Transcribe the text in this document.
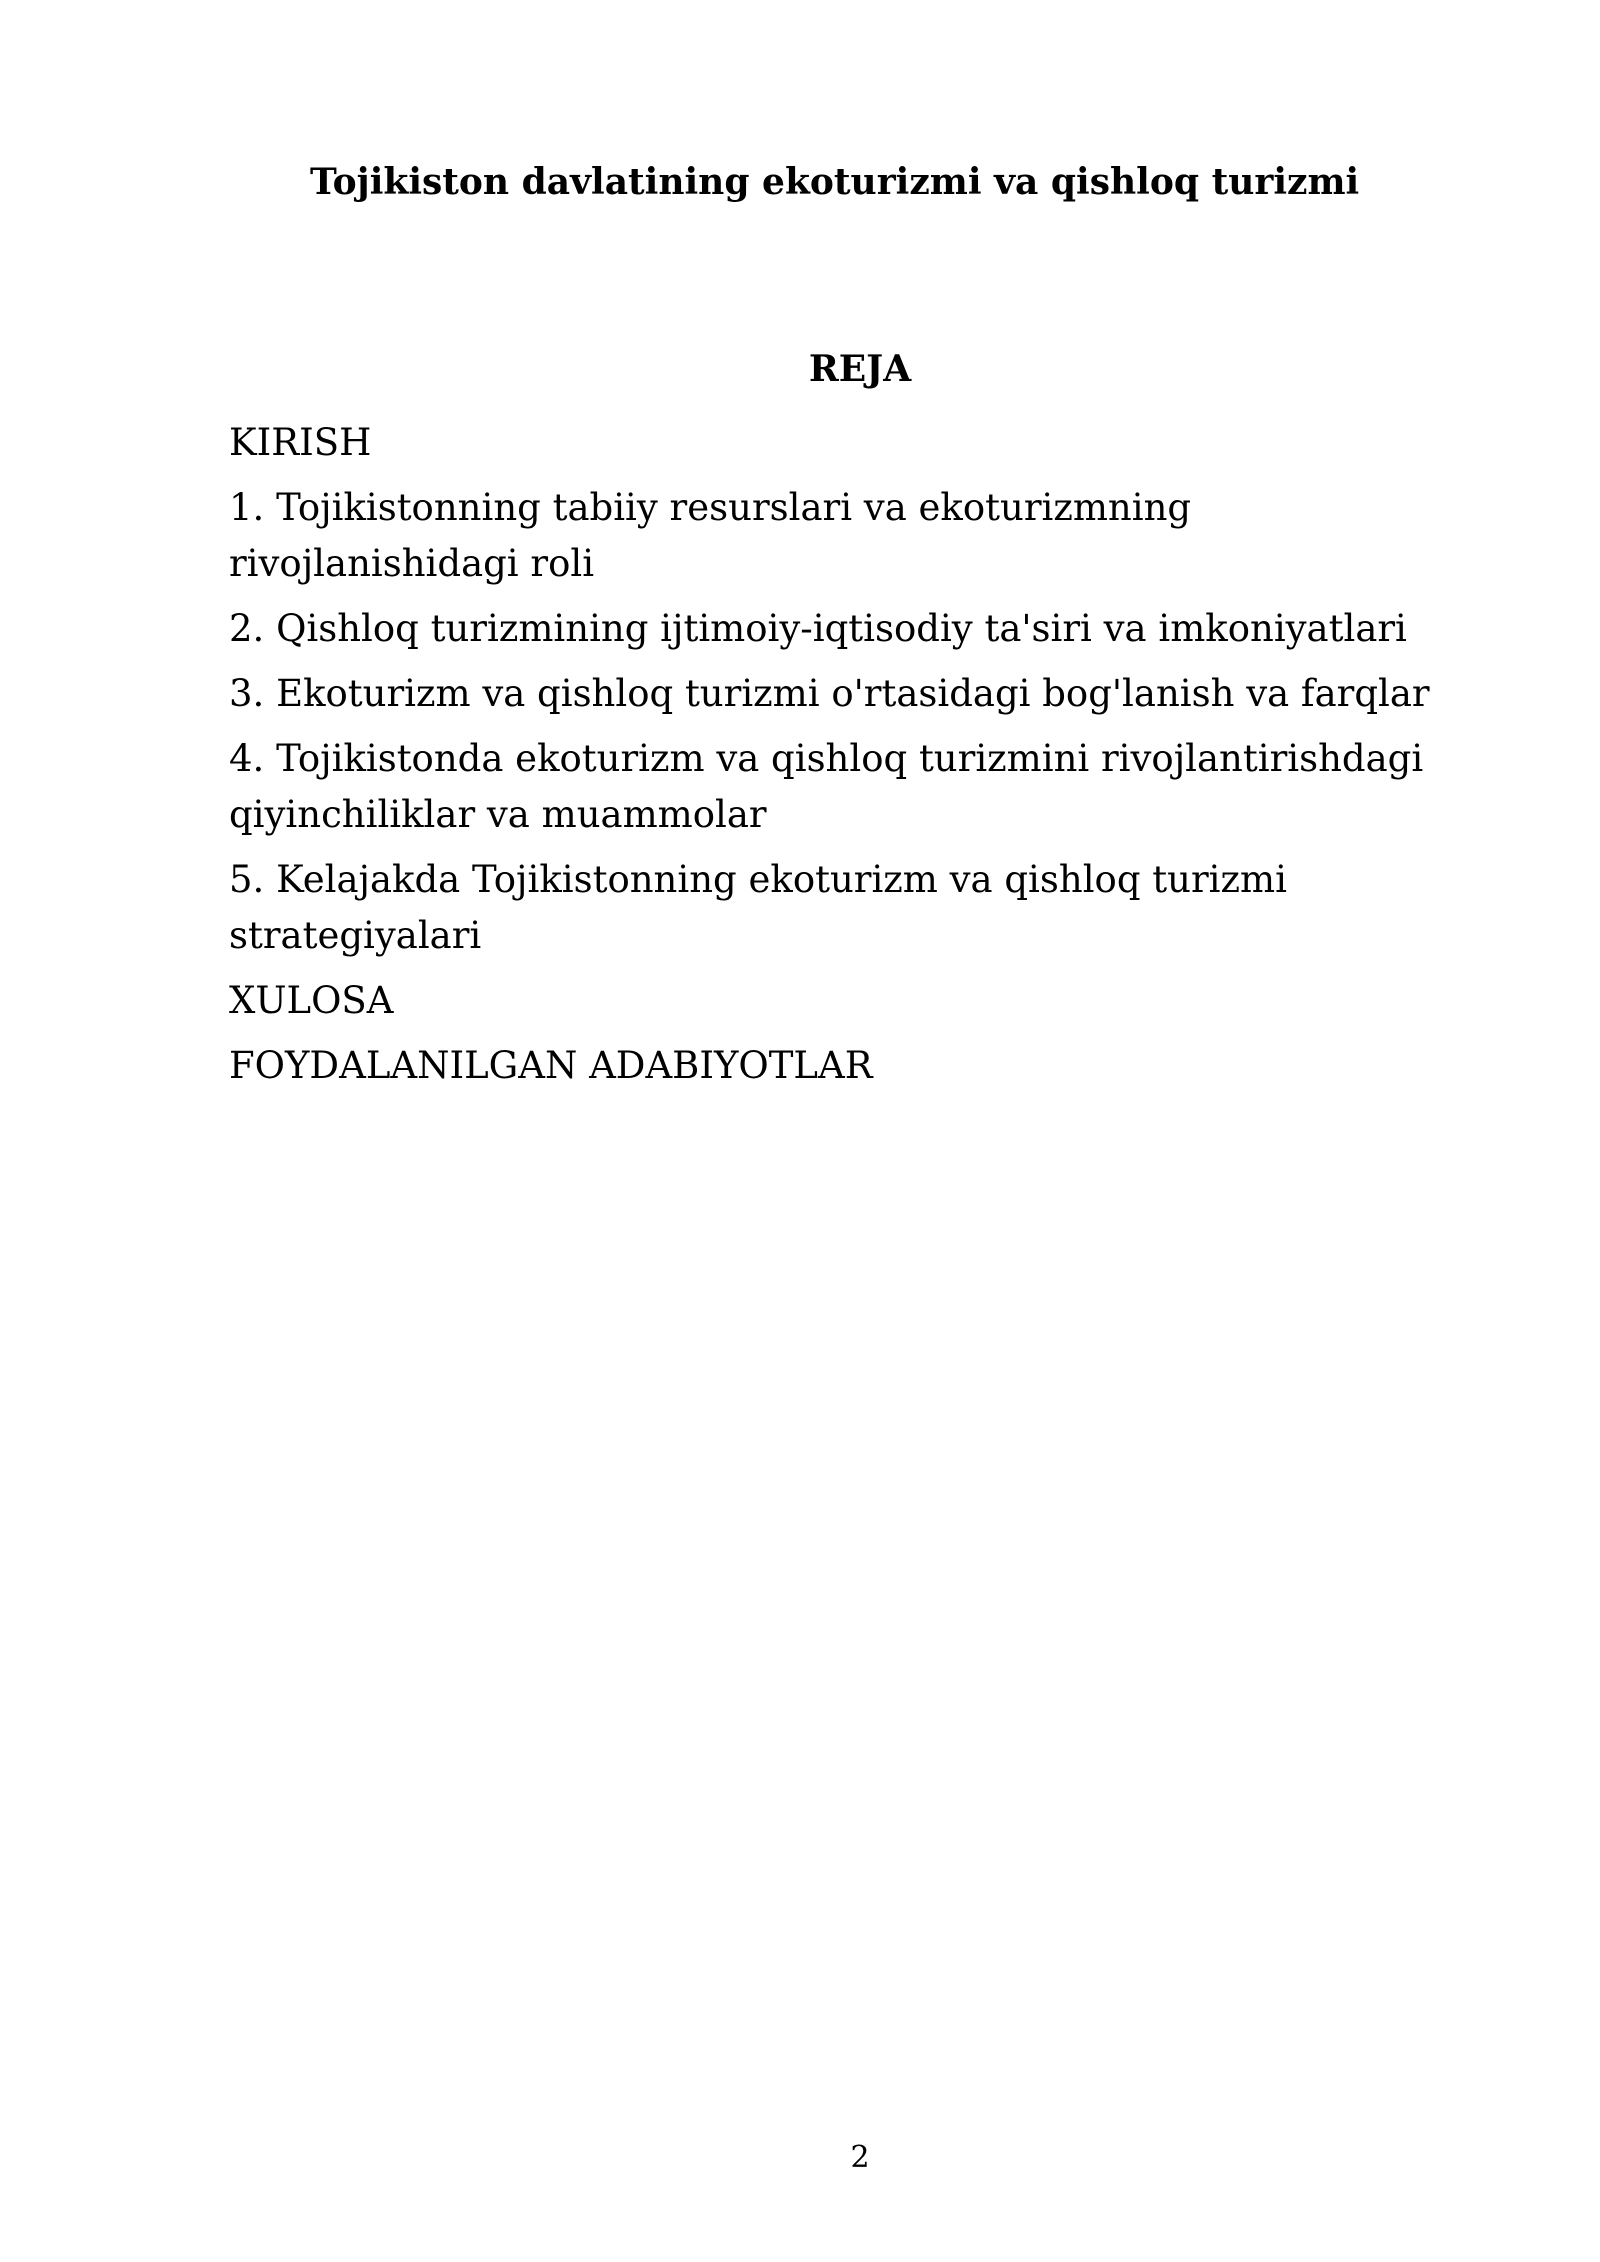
Tojikiston davlatining ekoturizmi va qishloq turizmi
REJA
KIRISH
1. Tojikistonning tabiiy resurslari va ekoturizmning rivojlanishidagi roli
2. Qishloq turizmining ijtimoiy-iqtisodiy ta'siri va imkoniyatlari
3. Ekoturizm va qishloq turizmi o'rtasidagi bog'lanish va farqlar
4. Tojikistonda ekoturizm va qishloq turizmini rivojlantirishdagi qiyinchiliklar va muammolar
5. Kelajakda Tojikistonning ekoturizm va qishloq turizmi strategiyalari
XULOSA
FOYDALANILGAN ADABIYOTLAR
2
